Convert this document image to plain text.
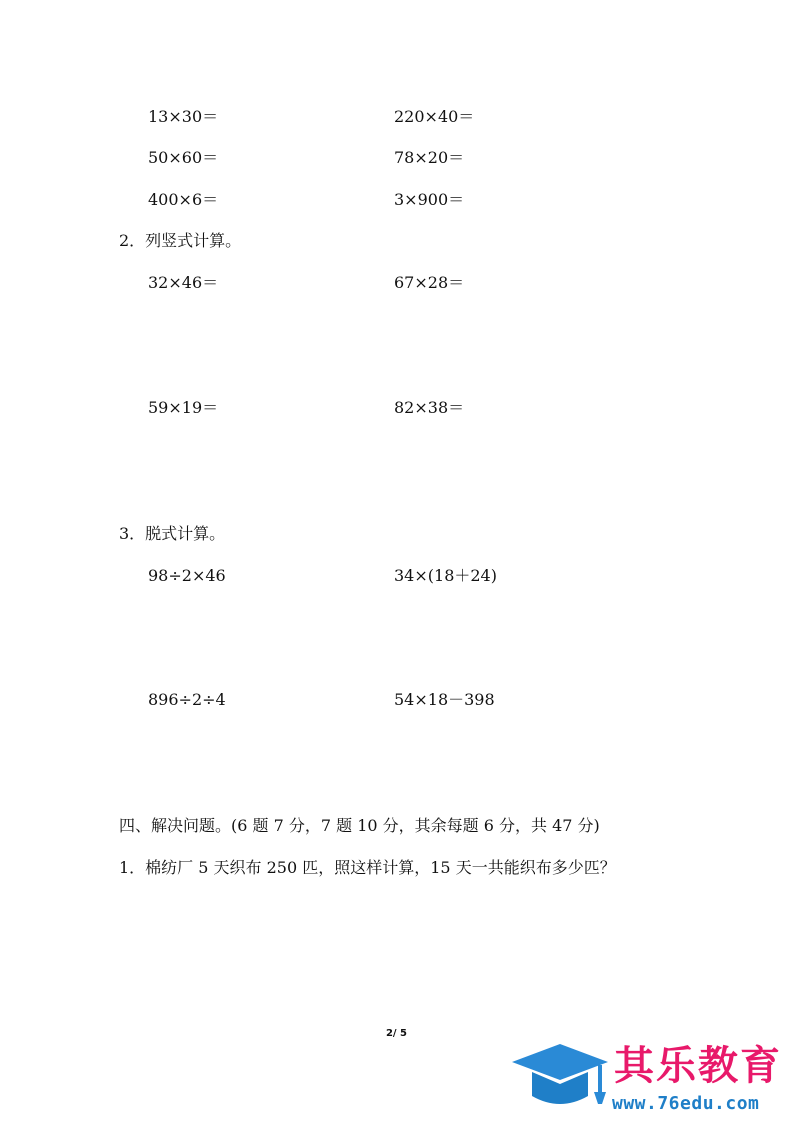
13×30＝	220×40＝
50×60＝	78×20＝
400×6＝	3×900＝
2．列竖式计算。
32×46＝	67×28＝
59×19＝	82×38＝
3．脱式计算。
98÷2×46	34×(18＋24)
896÷2÷4	54×18－398
四、解决问题。(6 题 7 分，7 题 10 分，其余每题 6 分，共 47 分)
1．棉纺厂 5 天织布 250 匹，照这样计算，15 天一共能织布多少匹？
2/ 5
其乐教育
www.76edu.com
